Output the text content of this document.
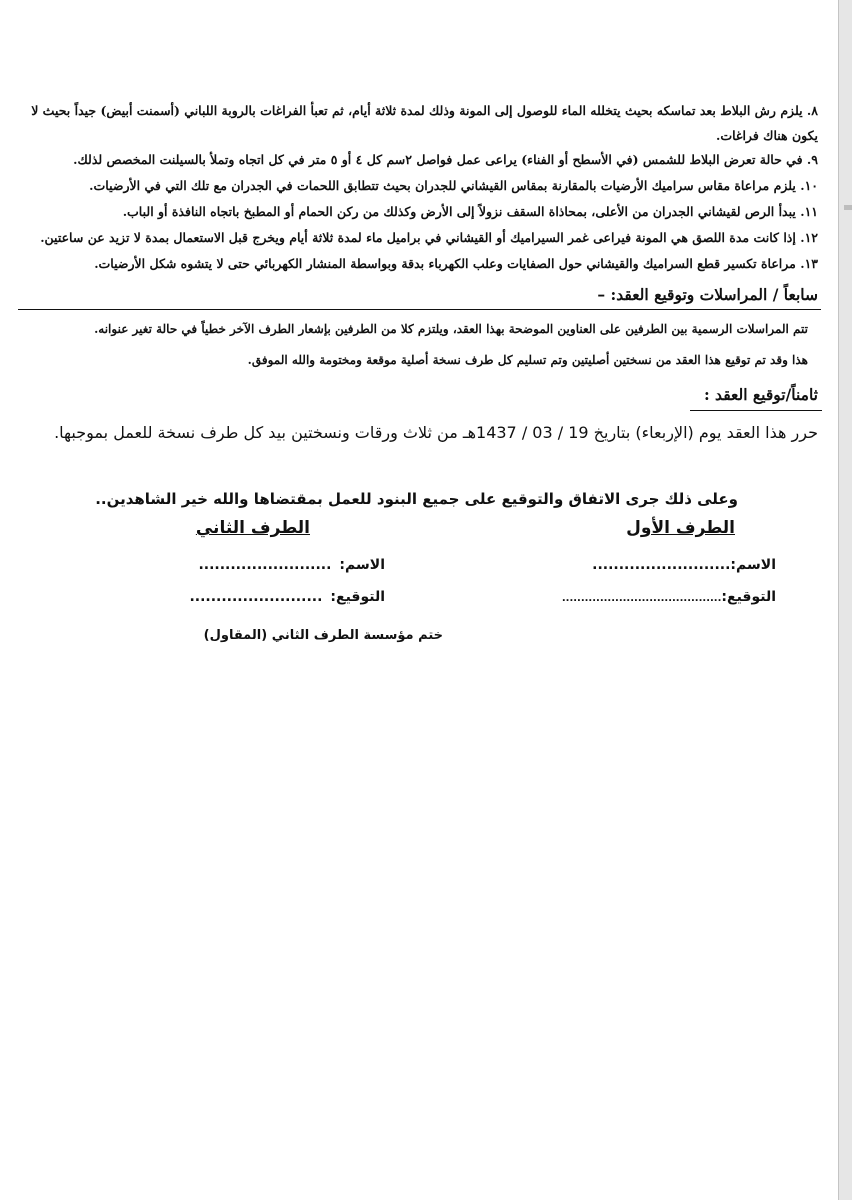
٨. يلزم رش البلاط بعد تماسكه بحيث يتخلله الماء للوصول إلى المونة وذلك لمدة ثلاثة أيام، ثم تعبأ الفراغات بالروبة اللباني (أسمنت أبيض) جيداً بحيث لا يكون هناك فراغات.
٩. في حالة تعرض البلاط للشمس (في الأسطح أو الفناء) يراعى عمل فواصل ٢سم كل ٤ أو ٥ متر في كل اتجاه وتملأ بالسيلنت المخصص لذلك.
١٠. يلزم مراعاة مقاس سراميك الأرضيات بالمقارنة بمقاس القيشاني للجدران بحيث تتطابق اللحمات في الجدران مع تلك التي في الأرضيات.
١١. يبدأ الرص لقيشاني الجدران من الأعلى، بمحاذاة السقف نزولاً إلى الأرض وكذلك من ركن الحمام أو المطبخ باتجاه النافذة أو الباب.
١٢. إذا كانت مدة اللصق هي المونة فيراعى غمر السيراميك أو القيشاني في براميل ماء لمدة ثلاثة أيام ويخرج قبل الاستعمال بمدة لا تزيد عن ساعتين.
١٣. مراعاة تكسير قطع السراميك والقيشاني حول الصفايات وعلب الكهرباء بدقة وبواسطة المنشار الكهربائي حتى لا يتشوه شكل الأرضيات.
سابعاً / المراسلات وتوقيع العقد: –
تتم المراسلات الرسمية بين الطرفين على العناوين الموضحة بهذا العقد، ويلتزم كلا من الطرفين بإشعار الطرف الآخر خطياً في حالة تغير عنوانه.
هذا وقد تم توقيع هذا العقد من نسختين أصليتين وتم تسليم كل طرف نسخة أصلية موقعة ومختومة والله الموفق.
ثامناً/توقيع العقد :
حرر هذا العقد يوم (الإربعاء) بتاريخ 19 / 03 / 1437هـ من ثلاث ورقات ونسختين بيد كل طرف نسخة للعمل بموجبها.
وعلى ذلك جرى الاتفاق والتوقيع على جميع البنود للعمل بمقتضاها والله خير الشاهدين..
الطرف الأول
الطرف الثاني
الاسم:..........................
الاسم:.........................
التوقيع:..........................................
التوقيع:.........................
ختم مؤسسة الطرف الثاني (المقاول)
